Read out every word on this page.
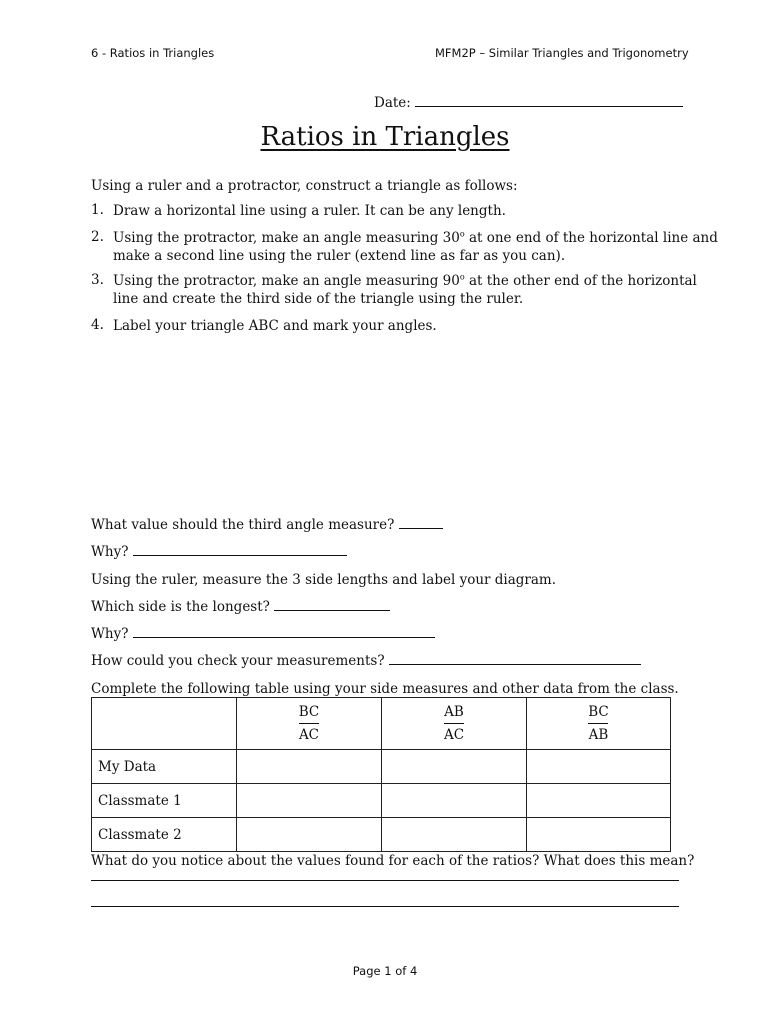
6 - Ratios in Triangles	MFM2P – Similar Triangles and Trigonometry
Date:
Ratios in Triangles
Using a ruler and a protractor, construct a triangle as follows:
1. Draw a horizontal line using a ruler. It can be any length.
2. Using the protractor, make an angle measuring 30$^o$ at one end of the horizontal line and
make a second line using the ruler (extend line as far as you can).
3. Using the protractor, make an angle measuring 90$^o$ at the other end of the horizontal
line and create the third side of the triangle using the ruler.
4. Label your triangle ABC and mark your angles.
What value should the third angle measure?
Why?
Using the ruler, measure the 3 side lengths and label your diagram.
Which side is the longest?
Why?
How could you check your measurements?
Complete the following table using your side measures and other data from the class.

	$\frac{BC}{AC}$	$\frac{AB}{AC}$	$\frac{BC}{AB}$

My Data			
Classmate 1			
Classmate 2			
What do you notice about the values found for each of the ratios? What does this mean?
Page 1 of 4
